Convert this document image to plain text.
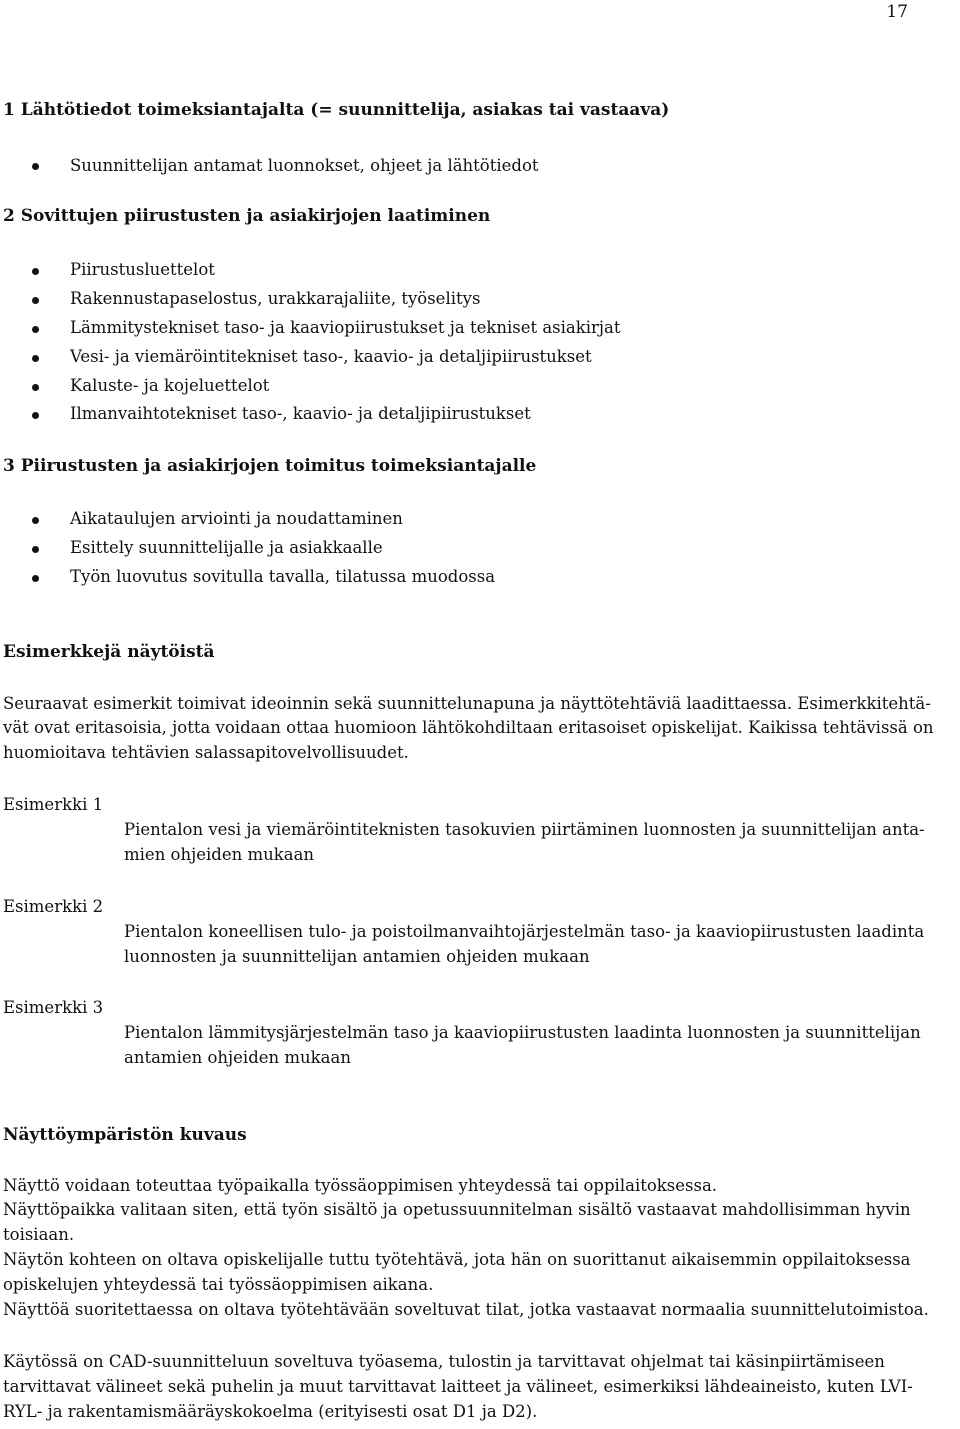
17
1 Lähtötiedot toimeksiantajalta (= suunnittelija, asiakas tai vastaava)
Suunnittelijan antamat luonnokset, ohjeet ja lähtötiedot
2 Sovittujen piirustusten ja asiakirjojen laatiminen
Piirustusluettelot
Rakennustapaselostus, urakkarajaliite, työselitys
Lämmitystekniset taso- ja kaaviopiirustukset ja tekniset asiakirjat
Vesi- ja viemäröintitekniset taso-, kaavio- ja detaljipiirustukset
Kaluste- ja kojeluettelot
Ilmanvaihtotekniset taso-, kaavio- ja detaljipiirustukset
3 Piirustusten ja asiakirjojen toimitus toimeksiantajalle
Aikataulujen arviointi ja noudattaminen
Esittely suunnittelijalle ja asiakkaalle
Työn luovutus sovitulla tavalla, tilatussa muodossa
Esimerkkejä näytöistä
Seuraavat esimerkit toimivat ideoinnin sekä suunnittelunapuna ja näyttötehtäviä laadittaessa. Esimerkkitehtä-
vät ovat eritasoisia, jotta voidaan ottaa huomioon lähtökohdiltaan eritasoiset opiskelijat. Kaikissa tehtävissä on
huomioitava tehtävien salassapitovelvollisuudet.
Esimerkki 1
Pientalon vesi ja viemäröintiteknisten tasokuvien piirtäminen luonnosten ja suunnittelijan anta-
mien ohjeiden mukaan
Esimerkki 2
Pientalon koneellisen tulo- ja poistoilmanvaihtojärjestelmän taso- ja kaaviopiirustusten laadinta
luonnosten ja suunnittelijan antamien ohjeiden mukaan
Esimerkki 3
Pientalon lämmitysjärjestelmän taso ja kaaviopiirustusten laadinta luonnosten ja suunnittelijan
antamien ohjeiden mukaan
Näyttöympäristön kuvaus
Näyttö voidaan toteuttaa työpaikalla työssäoppimisen yhteydessä tai oppilaitoksessa.
Näyttöpaikka valitaan siten, että työn sisältö ja opetussuunnitelman sisältö vastaavat mahdollisimman hyvin
toisiaan.
Näytön kohteen on oltava opiskelijalle tuttu työtehtävä, jota hän on suorittanut aikaisemmin oppilaitoksessa
opiskelujen yhteydessä tai työssäoppimisen aikana.
Näyttöä suoritettaessa on oltava työtehtävään soveltuvat tilat, jotka vastaavat normaalia suunnittelutoimistoa.
Käytössä on CAD-suunnitteluun soveltuva työasema, tulostin ja tarvittavat ohjelmat tai käsinpiirtämiseen
tarvittavat välineet sekä puhelin ja muut tarvittavat laitteet ja välineet, esimerkiksi lähdeaineisto, kuten LVI-
RYL- ja rakentamismääräyskokoelma (erityisesti osat D1 ja D2).
